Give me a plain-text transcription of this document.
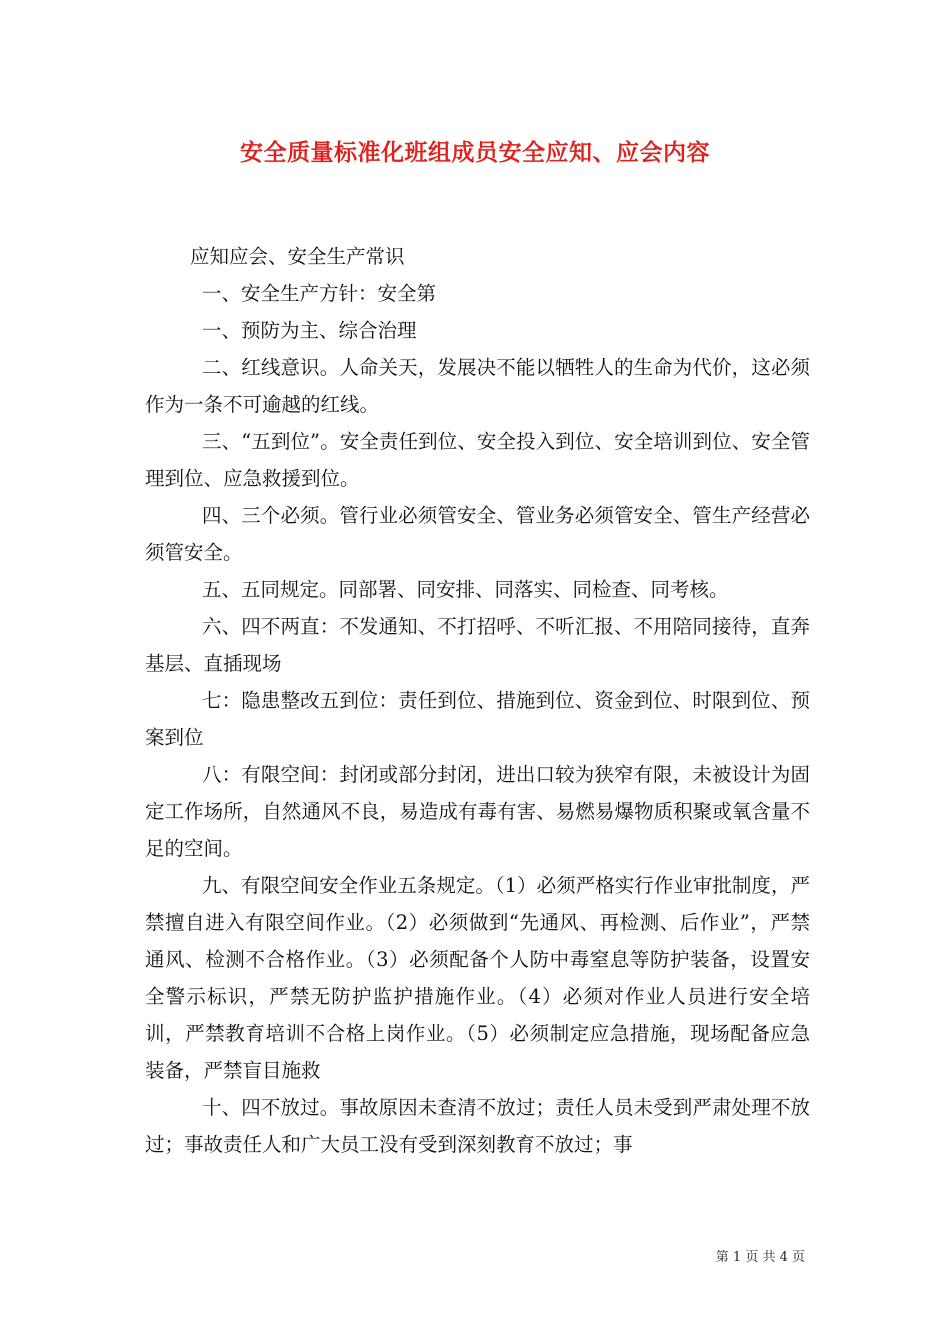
安全质量标准化班组成员安全应知、应会内容

应知应会、安全生产常识

一、安全生产方针：安全第

一、预防为主、综合治理

二、红线意识。人命关天，发展决不能以牺牲人的生命为代价，这必须作为一条不可逾越的红线。

三、“五到位”。安全责任到位、安全投入到位、安全培训到位、安全管理到位、应急救援到位。

四、三个必须。管行业必须管安全、管业务必须管安全、管生产经营必须管安全。

五、五同规定。同部署、同安排、同落实、同检查、同考核。

六、四不两直：不发通知、不打招呼、不听汇报、不用陪同接待，直奔基层、直插现场

七：隐患整改五到位：责任到位、措施到位、资金到位、时限到位、预案到位

八：有限空间：封闭或部分封闭，进出口较为狭窄有限，未被设计为固定工作场所，自然通风不良，易造成有毒有害、易燃易爆物质积聚或氧含量不足的空间。

九、有限空间安全作业五条规定。（1）必须严格实行作业审批制度，严禁擅自进入有限空间作业。（2）必须做到“先通风、再检测、后作业”，严禁通风、检测不合格作业。（3）必须配备个人防中毒窒息等防护装备，设置安全警示标识，严禁无防护监护措施作业。（4）必须对作业人员进行安全培训，严禁教育培训不合格上岗作业。（5）必须制定应急措施，现场配备应急装备，严禁盲目施救

十、四不放过。事故原因未查清不放过；责任人员未受到严肃处理不放过；事故责任人和广大员工没有受到深刻教育不放过；事

第 1 页 共 4 页
